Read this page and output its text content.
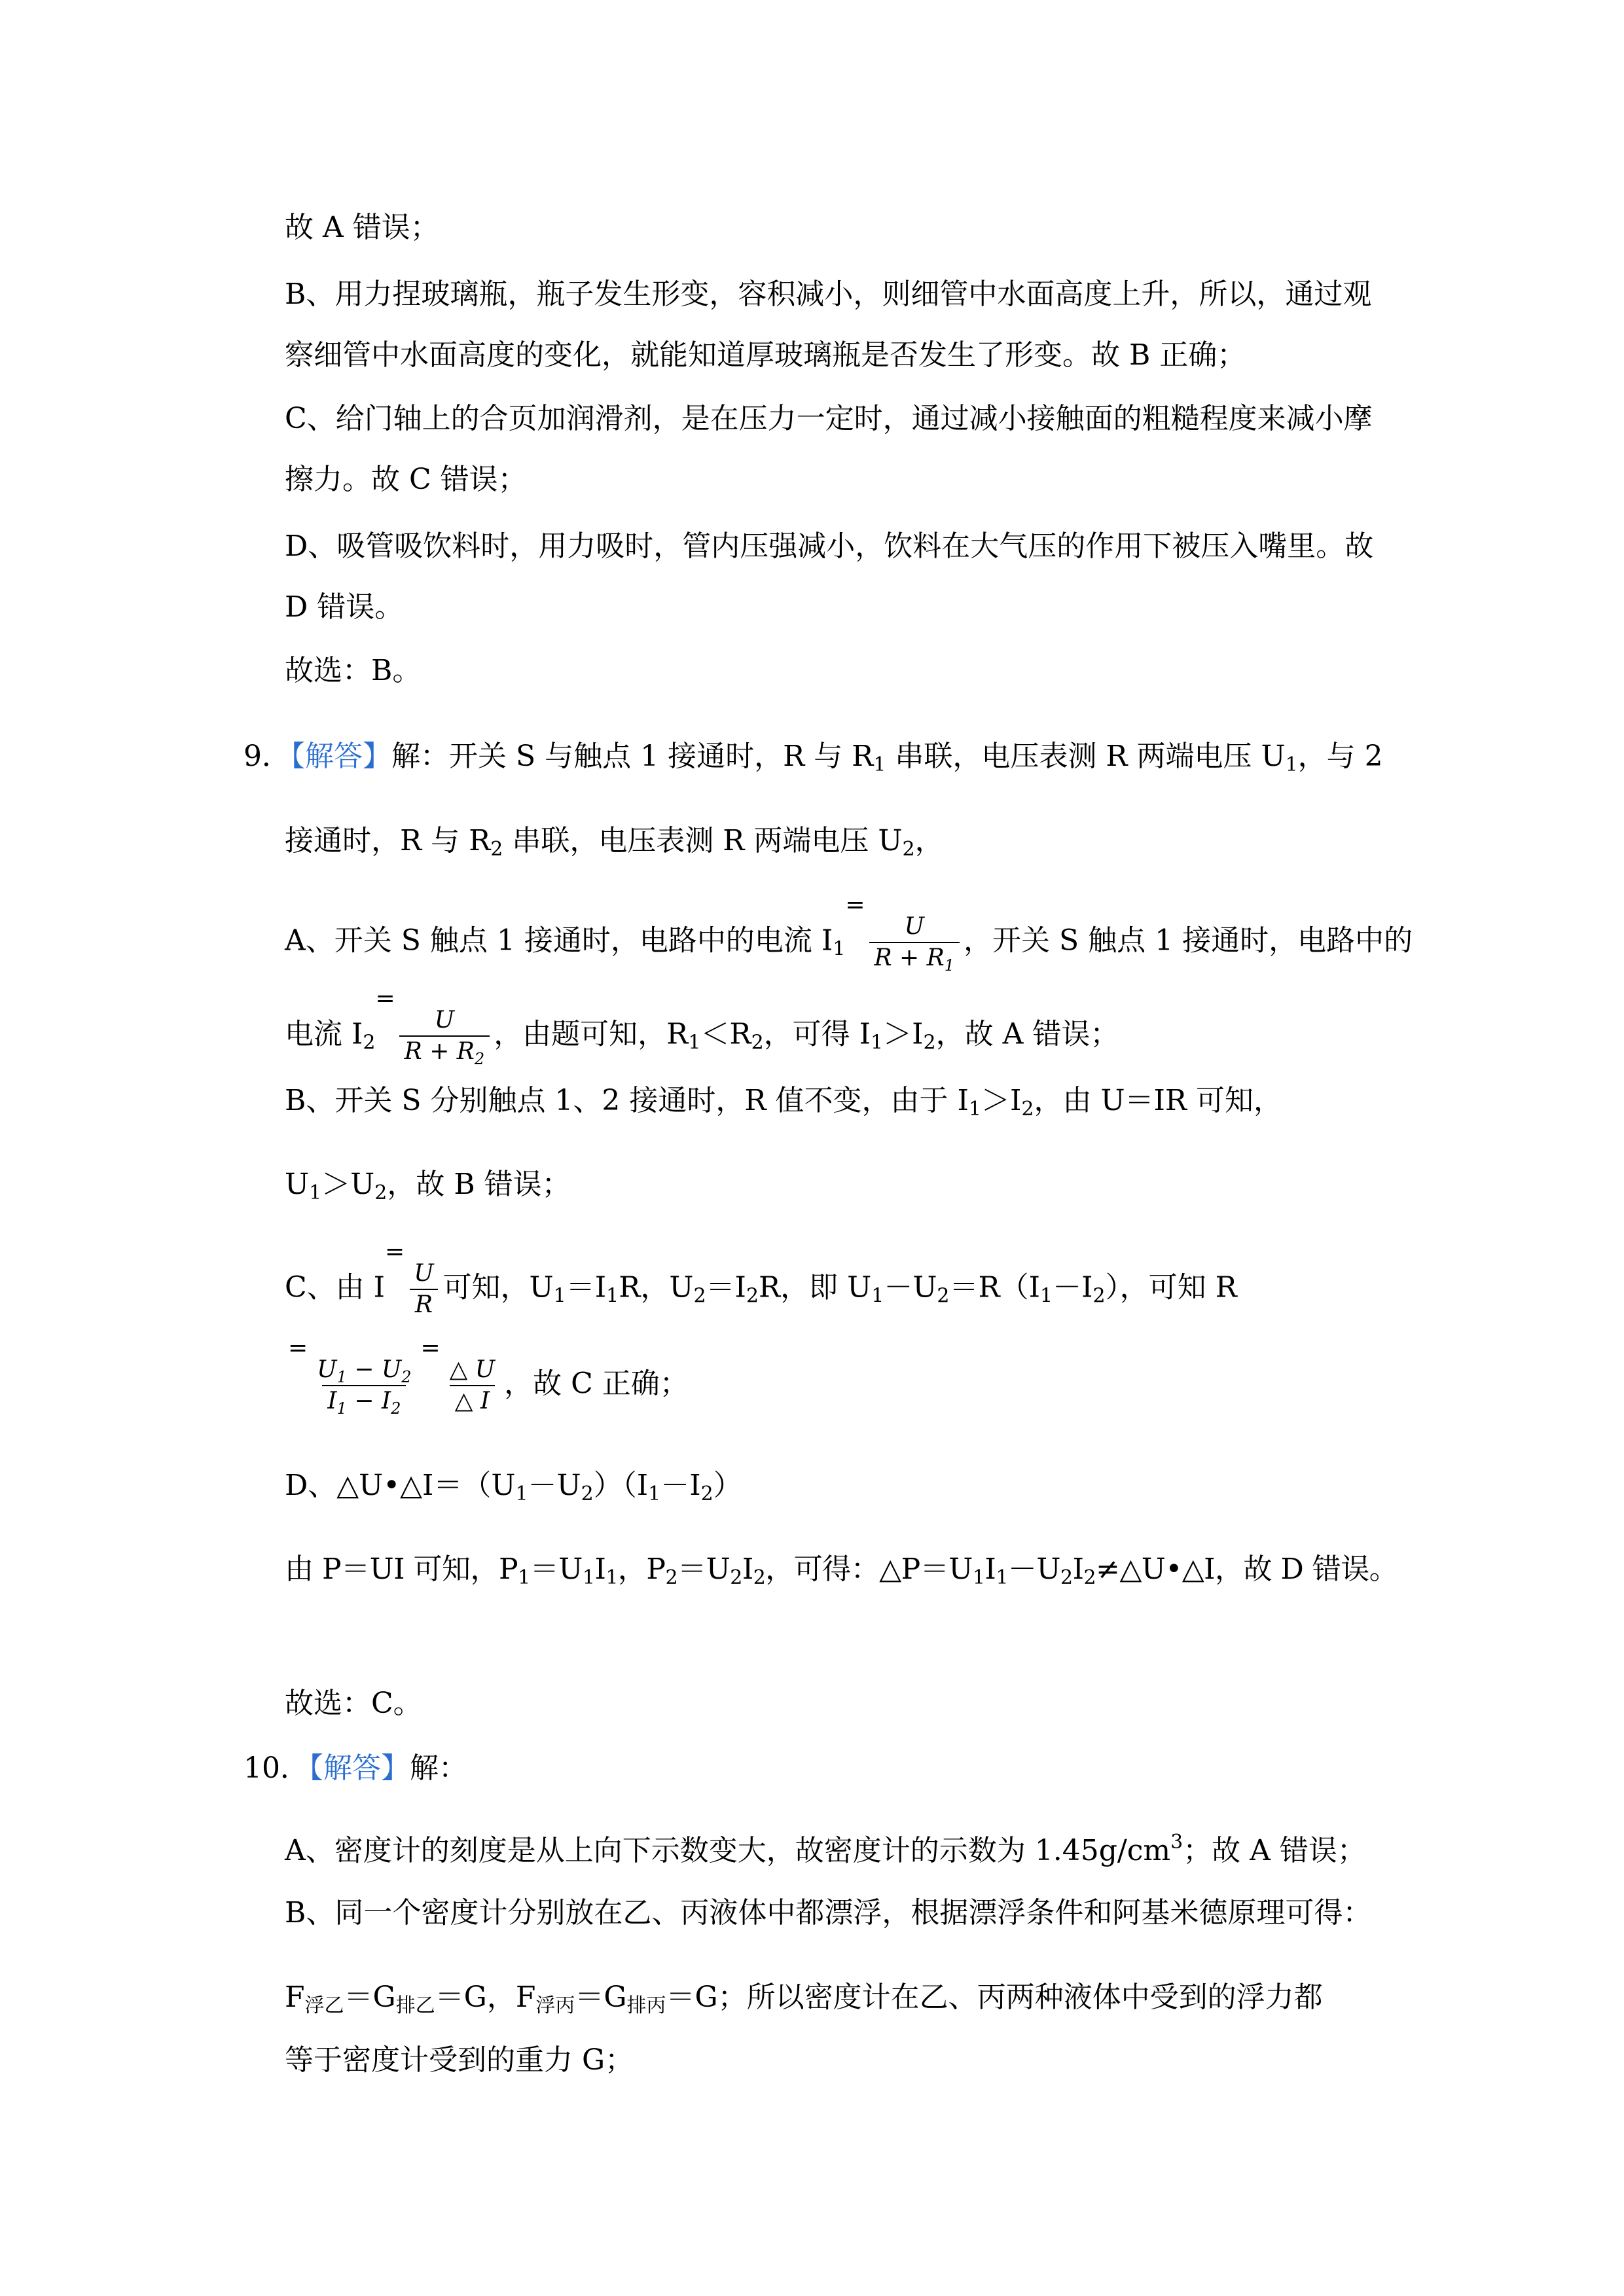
故 A 错误；
B、用力捏玻璃瓶，瓶子发生形变，容积减小，则细管中水面高度上升，所以，通过观
察细管中水面高度的变化，就能知道厚玻璃瓶是否发生了形变。故 B 正确；
C、给门轴上的合页加润滑剂，是在压力一定时，通过减小接触面的粗糙程度来减小摩
擦力。故 C 错误；
D、吸管吸饮料时，用力吸时，管内压强减小，饮料在大气压的作用下被压入嘴里。故
D 错误。
故选：B。
9．【解答】解：开关 S 与触点 1 接通时，R 与 $R_1$ 串联，电压表测 R 两端电压 $U_1$，与 2
接通时，R 与 $R_2$ 串联，电压表测 R 两端电压 $U_2$，
A、开关 S 触点 1 接通时，电路中的电流 $I_1^=$
$\frac{U}{R + R_1}$ ，开关 S 触点 1 接通时，电路中的
电流 $I_2^=$
$\frac{U}{R + R_2}$ ，由题可知，$R_1<R_2$，可得 $I_1>I_2$，故 A 错误；
B、开关 S 分别触点 1、2 接通时，R 值不变，由于 $I_1>I_2$，由 U＝IR 可知，
$U_1>U_2$，故 B 错误；
C、由 I=
$\frac{U}{R}$ 可知，$U_1=I_1R$，$U_2=I_2R$，即 $U_1-U_2=R(I_1-I_2)$，可知 R
=
$\frac{U_1 - U_2}{I_1 - I_2}$
=
$\frac{\triangle U}{\triangle I}$ ，故 C 正确；
D、$\triangle U•\triangle I=(U_1-U_2)(I_1-I_2)$
由 P＝UI 可知，$P_1=U_1I_1$，$P_2=U_2I_2$，可得：$\triangle P=U_1I_1-U_2I_2\ne\triangle U•\triangle I$，故 D 错误。
故选：C。
10．【解答】解：
A、密度计的刻度是从上向下示数变大，故密度计的示数为 $1.45g/cm^3$；故 A 错误；
B、同一个密度计分别放在乙、丙液体中都漂浮，根据漂浮条件和阿基米德原理可得：
$F_{浮乙}=G_{排乙}=G$，$F_{浮丙}=G_{排丙}=G$；所以密度计在乙、丙两种液体中受到的浮力都
等于密度计受到的重力 G；
